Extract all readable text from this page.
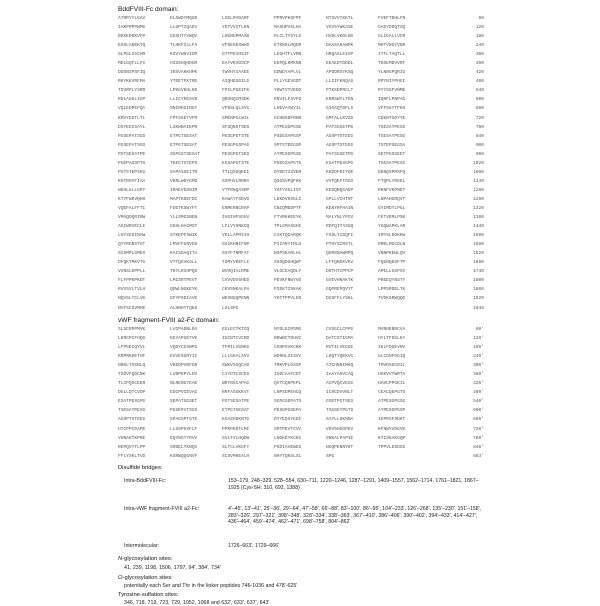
BddFVIII-Fc domain:
ATRRYYLGAV	ELSWDYMQSD	LGELPVDARF	PPRVPKSFPF	NTSVVYKKTL	FVEFTDHLFN	60
IAKPRPPWMG	LLGPTIQAEV	YDTVVITLKN	MASHPVSLHA	VGVSYWKASE	GAEYDDQTSQ	120
REKEDDKVFP	GGSHTYVWQV	LKENGPMASD	PLCLTYSYLS	HVDLVKDLNS	GLIGALLVCR	180
EGSLAKEKTQ	TLHKFILLFA	VFDEGKSWHS	ETKNSLMQDR	DAASARAWPK	MHTVNGYVNR	240
SLPGLIGCHR	KSVYWHVIGM	GTTPEVHSIF	LEGHTFLVRN	HRQASLEISP	ITFLTAQTLL	300
MDLGQFLLFC	HISSHQHDGM	EAYVKVDSCP	EEPQLRMKNN	EEAEDYDDDL	TDSEMDVVRF	360
DDDNSPSFIQ	IRSVAKKHPK	TWVHYIAAEE	EDWDYAPLVL	APDDRSYKSQ	YLNNGPQRIG	420
RKYKKVRFMA	YTDETFKTRE	AIQHESGILG	PLLYGEVGDT	LLIIFKNQAS	RPYNIYPHGI	480
TDVRPLYSRR	LPKGVKHLKD	FPILPGEIFK	YKWTVTVEDG	PTKSDPRCLT	RYYSSFVNME	540
RDLASGLIGP	LLICYKESVD	QRGNQIMSDK	RNVILFSVFD	ENRSWYLTEN	IQRFLPNPAG	600
VQLEDPEFQA	SNIMHSINGY	VFDSLQLSVC	LHEVAYWYIL	SIGAQTDFLS	VFFSGYTFKH	660
KMVYEDTLTL	FPFSGETVFM	SMENPGLWIL	GCHNSDFRNR	GMTALLKVSS	CDKNTGDYYE	720
DSYEDISAYL	LSKNNAIEPR	SFSQNSTSES	ATPESGPGSE	PATSGSETPG	TSESATPESG	780
PGSEPATSGS	ETPGTSESAT	PESGPGTSTE	PSEGSAPGSP	AGSPTSTEEG	TSESATPESG	840
PGSEPATSGS	ETPGTSESAT	PESGPGSPAG	SPTSTEEGSP	AGSPTSTEEG	TSTEPSEGSA	900
PGTSESATPE	SGPGSTSESAT	PESGPGTSES	ATPESGPGSE	PATSGSETPG	SETPGSGEET	960
PGEPAGSPTS	TEEGTSTEPS	EGSAPGTSTE	PSEGSAPGTS	ESATPESGPG	TSESATPESG	1020
PGTSTEPSEG	SAPASSEITR	TTLQSDQEEI	DYDDTISVEM	KKEDFDIYDE	DENQSPRSFQ	1080
KKTRHYFIAA	VERLWDYGMS	SSPHVLRNRA	QSGSVPQFKK	VVFQEFTDGS	FTQPLYRGEL	1140
NEHLGLLGPY	IRAEVEDNIM	VTFRNQASRP	YSFYSSLISY	EEDQRQGAEP	RKNFVKPNET	1200
KTYFWKVQHH	MAPTKDEFDC	KAWAYFSDVD	LEKDVHSGLI	GPLLVCHTNT	LNPAHGRQVT	1260
VQEFALFFTI	FDETKSWYFT	ENMERNCRAP	CNIQMEDPTF	KENYRFHAIN	GYIMDTLPGL	1320
VMAQDQRIRW	YLLSMGSNEN	IHSIHFSGHV	FTVRKKEEYK	MALYNLYPGV	FETVEMLPSK	1380
AGIWRVECLI	GEHLHAGMST	LFLVYSNKCQ	TPLGMASGHI	RDFQITASGQ	YGQWAPKLAR	1440
LHYSGSINAW	STKEPFSWIK	VDLLAPMIIH	GIKTQGARQK	FSSLYISQFI	IMYSLDGKKW	1500
QTYRGNSTGT	LMVFFGNVDS	SGIKHNIFNP	PIIARYIRLH	PTHYSIRSTL	RMELMGCDLN	1560
SCSMPLGMES	KAISDAQITA	SSYFTNMFAT	WSPSKARLHL	QGRSNAWRPQ	VNNPKEWLQV	1620
DFQKTMKVTG	VTTQGVKSLL	TSMYVKEFLI	SSSQDGHQWT	LFFQNGKVKV	FQGNQDSFTP	1680
VVNSLDPPLL	TRYLRIHPQS	WVHQIALRME	VLGCEAQDLY	DKTHTCPPCP	APELLGGPSV	1740
FLFPPKPKDT	LMISRTPEVT	CVVVDVSHED	PEVKFNWYVD	GVEVHNAKTK	PREEQYNSTY	1800
RVVSVLTVLH	QDWLNGKEYK	CKVSNKALPA	PIEKTISKAK	GQPREPQVYT	LPPSRDELTK	1860
NQVSLTCLVK	GFYPSDIAVE	WESNGQPENN	YKTTPPVLDS	DGSFFLYSKL	TVDKSRWQQG	1920
NVFSCSVMHE	ALHNHYTQKS	LSLSPG	1946
vWF fragment-FVIII a2-Fc domain:
SLSCRPPMVK	LVCPADNLRA	EGLECTKTCQ	NYDLECMSMG	CVSGCLCPPG	MVRHENRCVA	60'
LERCPCFHQG	KEYAPGETVK	IGCNTCVCRD	RKWNCTDHVC	DATCSTIGMA	HYLTFDGLKY	120'
LFPGECQYVL	VQDYCGSNPG	TFRILVGNKG	CSHPSVKCKK	RVTILVEGGE	IELFDGEVNV	180'
KRPMKDETHF	EVVESGRYII	LLLGKALSVV	WDRHLSISVV	LKQTYQEKVC	GLCGNFDGIQ	240'
NNDLTSSNLQ	VEEDPVDFGN	SWKVSSQCAD	TRKVPLDSSP	ATCHNNIMKQ	TMVDSSCRIL	300'
TSDVFQDCNK	LVDPEPYLDV	CIYDTCSCES	IGDCAAFCDT	IAAYAHVCAQ	HGKVVTWRTA	360'
TLCPQSCEER	NLRENGYEAE	WRYNSCAPAC	QVTCQHPEPL	ACPVQCVEGC	HAHCPPGKIL	420'
DELLQTCVDP	EDCPVCEVAG	RRFASGKKVT	LNPSDPEHCQ	ICHCDVVNLT	CEACQEPGTS	480'
ESATPESGPG	SEPATSGSET	PGTSESATPE	SGPGSEPATS	GSETPGTSES	ATPESGPGSG	540'
TSESATPESG	PGSEPATSGS	ETPGTSESAT	PESGPGSEPA	TSGSETPGTS	ATPESGPGSP	600'
AGSPTSTEEG	SPAGSPTSTE	EGASSDKNTG	DYYEDSYEDI	SAYLLSKNNA	IEPRSFSDKT	660'
HTCPPCPAPE	LLGGPSVFLF	PPKPKDTLMI	SRTPEVTCVV	VDVSHEDPEV	KFNWYVDGVE	720'
VHNAKTKPRE	EQYNSTYRVV	SVLTVLHQDW	LNGKEYKCKV	SNKALPAPIE	KTISKAKGQP	780'
REPQVYTLPP	SRDELTKNQV	SLTCLVKGFY	PSDIAVEWES	NGQPENNYKT	TPPVLDSDGS	840'
FFLYSKLTVD	KSRWQQGNVF	SCSVMHEALH	NHYTQKSLSL	SPG	883'
Disulfide bridges:
Intra-BddFVIII-Fc:	153–179, 248–329, 528–554, 630–711, 1220–1246, 1287–1291, 1409–1557, 1562–1714, 1761–1821, 1867–1925 (Cys-SH: 310, 692, 1388)
Intra-vWF fragment-FVIII a2-Fc:	4'–45', 13'–41', 25'–36', 29'–64', 47'–58', 66'–88', 83'–100', 86'–95', 104'–233', 126'–268', 135'–230', 151'–158', 283'–326', 297'–321', 308'–348', 328'–334', 338'–363', 367'–410', 386'–406', 390'–402', 394'–433', 414'–427', 436'–464', 459'–474', 462'–471', 698'–758', 804'–862'
Intermolecular:	1726–663', 1729–666'
N-glycosylation sites:
41, 239, 1198, 1506, 1797, 94', 384', 734'
O-glycosylation sites:
potentially each Ser and Thr in the linker peptides 746-1036 and 478'-625'
Tyrosine-sulfation sites:
346, 718, 719, 723, 729, 1052, 1068 and 632', 633', 637', 643'
